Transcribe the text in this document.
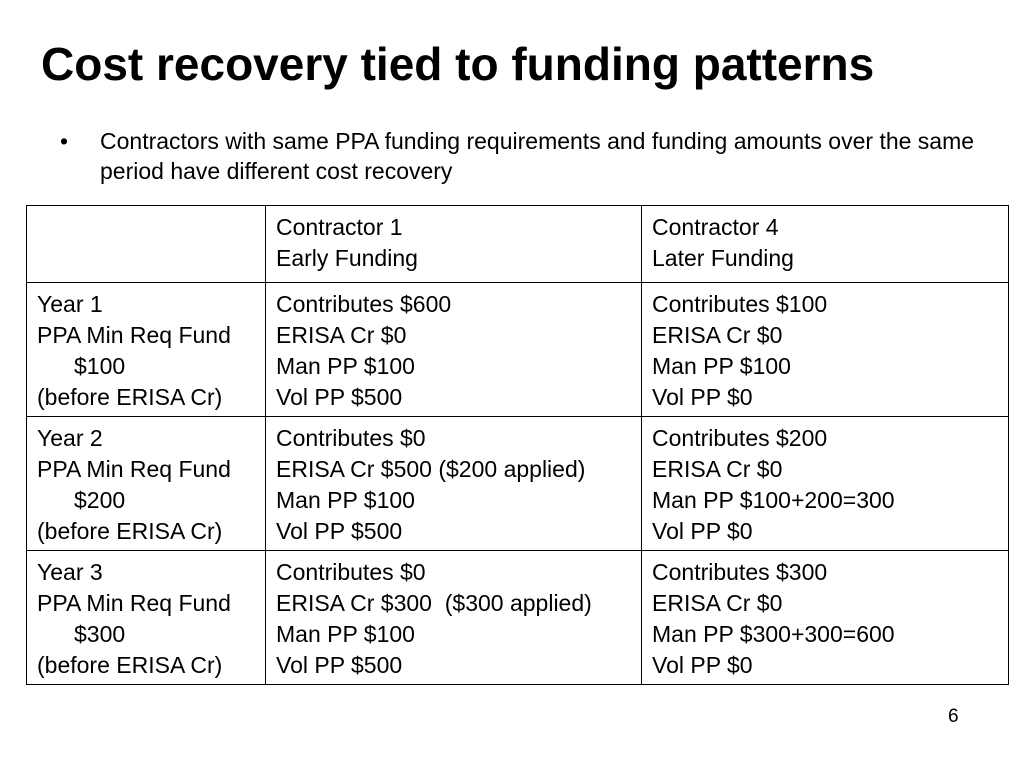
Cost recovery tied to funding patterns
• Contractors with same PPA funding requirements and funding amounts over the same period have different cost recovery

	Contractor 1
Early Funding	Contractor 4
Later Funding

Year 1
PPA Min Req Fund
$100
(before ERISA Cr)	Contributes $600
ERISA Cr $0
Man PP $100
Vol PP $500	Contributes $100
ERISA Cr $0
Man PP $100
Vol PP $0

Year 2
PPA Min Req Fund
$200
(before ERISA Cr)	Contributes $0
ERISA Cr $500 ($200 applied)
Man PP $100
Vol PP $500	Contributes $200
ERISA Cr $0
Man PP $100+200=300
Vol PP $0

Year 3
PPA Min Req Fund
$300
(before ERISA Cr)	Contributes $0
ERISA Cr $300  ($300 applied)
Man PP $100
Vol PP $500	Contributes $300
ERISA Cr $0
Man PP $300+300=600
Vol PP $0
6
